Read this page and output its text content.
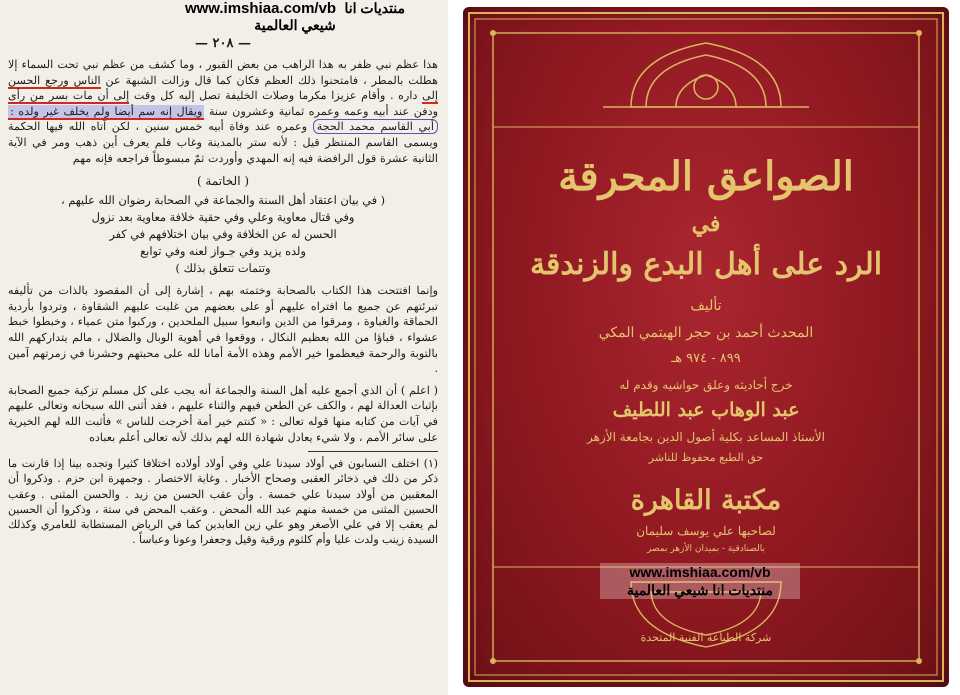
www.imshiaa.com/vb منتديات انا
شيعي العالمية
— ٢٠٨ —

هذا عظم نبي ظفر به هذا الراهب من بعض القبور ، وما كشف من عظم نبي تحت السماء إلا هطلت بالمطر ، فامتحنوا ذلك العظم فكان كما قال وزالت الشبهة عن الناس ورجع الحسن إلى داره . وأقام عزيزا مكرما وصلات الخليفة تصل إليه كل وقت إلى أن مات بسر من رأى ودفن عند أبيه وعمه وعمره ثمانية وعشرون سنة ويقال إنه سم أيضا ولم يخلف غير ولده : أبي القاسم محمد الحجة وعمره عند وفاة أبيه خمس سنين ، لكن آتاه الله فيها الحكمة ويسمى القاسم المنتظر قيل : لأنه ستر بالمدينة وغاب فلم يعرف أين ذهب ومر في الآية الثانية عشرة قول الرافضة فيه إنه المهدي وأوردت ثمّ مبسوطاً فراجعه فإنه مهم

( الخاتمة )
( في بيان اعتقاد أهل السنة والجماعة في الصحابة رضوان الله عليهم ،
وفي قتال معاوية وعلي وفي حقية خلافة معاوية بعد نزول
الحسن له عن الخلافة وفي بيان اختلافهم في كفر
ولده يزيد وفي جـواز لعنه وفي توابع
وتتمات تتعلق بذلك )

وإنما افتتحت هذا الكتاب بالصحابة وختمته بهم ، إشارة إلى أن المقصود بالذات من تأليفه تبرئتهم عن جميع ما افتراه عليهم أو على بعضهم من غلبت عليهم الشقاوة ، وتردوا بأردية الحماقة والغباوة ، ومرقوا من الدين واتبعوا سبيل الملحدين ، وركبوا متن عمياء ، وخبطوا خبط عشواء ، فباؤا من الله بعظيم النكال ، ووقعوا في أهوية الوبال والضلال ، مالم يتداركهم الله بالتوبة والرحمة فيعظموا خير الأمم وهذه الأمة أمانا لله على محبتهم وحشرنا في زمرتهم آمين .

( اعلم ) أن الذي أجمع عليه أهل السنة والجماعة أنه يجب على كل مسلم تزكية جميع الصحابة بإثبات العدالة لهم ، والكف عن الطعن فيهم والثناء عليهم ، فقد أثنى الله سبحانه وتعالى عليهم في آيات من كتابه منها قوله تعالى : « كنتم خير أمة أخرجت للناس » فأثبت الله لهم الخيرية على سائر الأمم ، ولا شيء يعادل شهادة الله لهم بذلك لأنه تعالى أعلم بعباده

(١) اختلف النسابون في أولاد سيدنا علي وفي أولاد أولاده اختلافا كثيرا وتجده بينا إذا قارنت ما ذكر من ذلك في ذخائر العقبى وصحاح الأخبار . وغاية الاختصار . وجمهرة ابن حزم . وذكروا أن المعقبين من أولاد سيدنا علي خمسة . وأن عقب الحسن من زيد . والحسن المثنى . وعقب الحسين المثنى من خمسة منهم عبد الله المحض . وعقب المحض في ستة ، وذكروا أن الحسين لم يعقب إلا في علي الأصغر وهو علي زين العابدين كما في الرياض المستطابة للعامري وكذلك السيدة زينب ولدت عليا وأم كلثوم ورقية وقيل وجعفرا وعونا وعباساً .
الصواعق المحرقة
في
الرد على أهل البدع والزندقة
تأليف
المحدث أحمد بن حجر الهيتمي المكي
٨٩٩ - ٩٧٤ هـ
خرج أحاديثه وعلق حواشيه وقدم له
عبد الوهاب عبد اللطيف
الأستاذ المساعد بكلية أصول الدين بجامعة الأزهر
حق الطبع محفوظ للناشر
مكتبة القاهرة
لصاحبها علي يوسف سليمان
بالصنادقية - بميدان الأزهر بمصر
شركة الطباعة الفنية المتحدة
www.imshiaa.com/vb
منتديات انا شيعي العالمية
